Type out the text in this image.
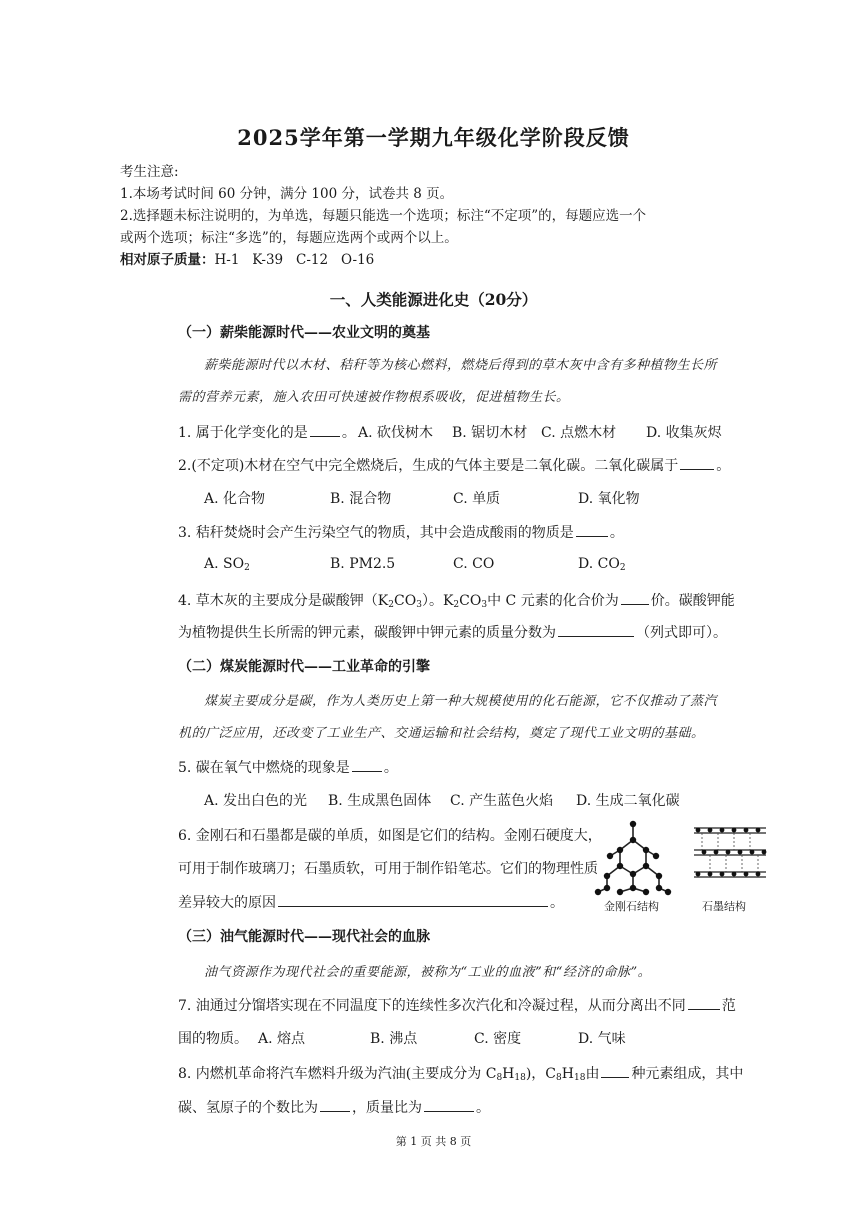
2025学年第一学期九年级化学阶段反馈
考生注意:
1.本场考试时间 60 分钟，满分 100 分，试卷共 8 页。
2.选择题未标注说明的，为单选，每题只能选一个选项；标注“不定项”的，每题应选一个
或两个选项；标注“多选”的，每题应选两个或两个以上。
相对原子质量：H-1   K-39   C-12   O-16
一、人类能源进化史（20分）
（一）薪柴能源时代——农业文明的奠基
薪柴能源时代以木材、秸秆等为核心燃料，燃烧后得到的草木灰中含有多种植物生长所
需的营养元素，施入农田可快速被作物根系吸收，促进植物生长。
1. 属于化学变化的是 。 A. 砍伐树木 B. 锯切木材 C. 点燃木材 D. 收集灰烬
2.(不定项)木材在空气中完全燃烧后，生成的气体主要是二氧化碳。二氧化碳属于	。
A. 化合物	B. 混合物	C. 单质	D. 氧化物
3. 秸秆焚烧时会产生污染空气的物质，其中会造成酸雨的物质是	。
A. $SO_2$	B. PM2.5	C. CO	D. $CO_2$
4. 草木灰的主要成分是碳酸钾$(K_2CO_3)$。$K_2CO_3$中 C 元素的化合价为 价。碳酸钾能
为植物提供生长所需的钾元素，碳酸钾中钾元素的质量分数为	（列式即可）。
（二）煤炭能源时代——工业革命的引擎
煤炭主要成分是碳，作为人类历史上第一种大规模使用的化石能源，它不仅推动了蒸汽
机的广泛应用，还改变了工业生产、交通运输和社会结构，奠定了现代工业文明的基础。
5. 碳在氧气中燃烧的现象是 。
A. 发出白色的光 B. 生成黑色固体 C. 产生蓝色火焰 D. 生成二氧化碳
6. 金刚石和石墨都是碳的单质，如图是它们的结构。金刚石硬度大，
可用于制作玻璃刀；石墨质软，可用于制作铅笔芯。它们的物理性质
差异较大的原因	。	金刚石结构	石墨结构
（三）油气能源时代——现代社会的血脉
油气资源作为现代社会的重要能源，被称为“工业的血液”和“经济的命脉”。
7. 油通过分馏塔实现在不同温度下的连续性多次汽化和冷凝过程，从而分离出不同	范
围的物质。 A. 熔点	B. 沸点	C. 密度	D. 气味
8. 内燃机革命将汽车燃料升级为汽油(主要成分为 $C_8H_{18}$)，$C_8H_{18}$由 种元素组成，其中
碳、氢原子的个数比为 ，质量比为	。
第 1 页 共 8 页
